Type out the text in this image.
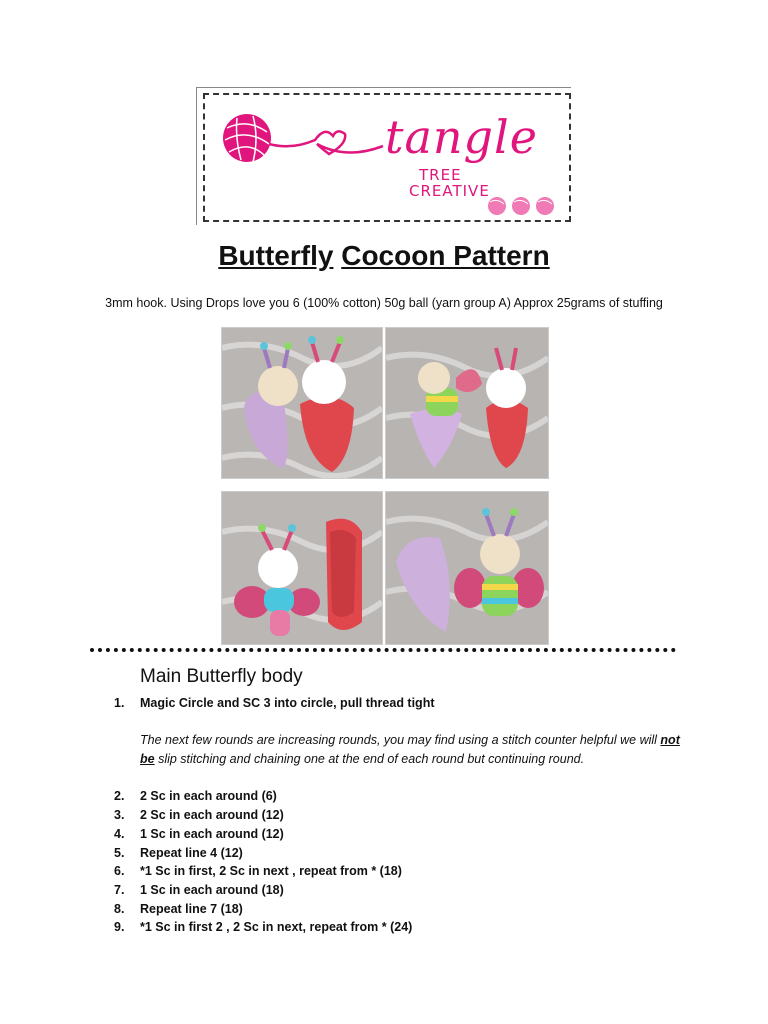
tangle
TREE
CREATIVE
Butterfly Cocoon Pattern
3mm hook. Using Drops love you 6 (100% cotton) 50g ball (yarn group A) Approx 25grams of stuffing
Main Butterfly body
1. Magic Circle and SC 3 into circle, pull thread tight
The next few rounds are increasing rounds, you may find using a stitch counter helpful we will not be slip stitching and chaining one at the end of each round but continuing round.
2. 2 Sc in each around (6)
3. 2 Sc in each around (12)
4. 1 Sc in each around (12)
5. Repeat line 4 (12)
6. *1 Sc in first, 2 Sc in next , repeat from * (18)
7. 1 Sc in each around (18)
8. Repeat line 7 (18)
9. *1 Sc in first 2 , 2 Sc in next, repeat from * (24)
